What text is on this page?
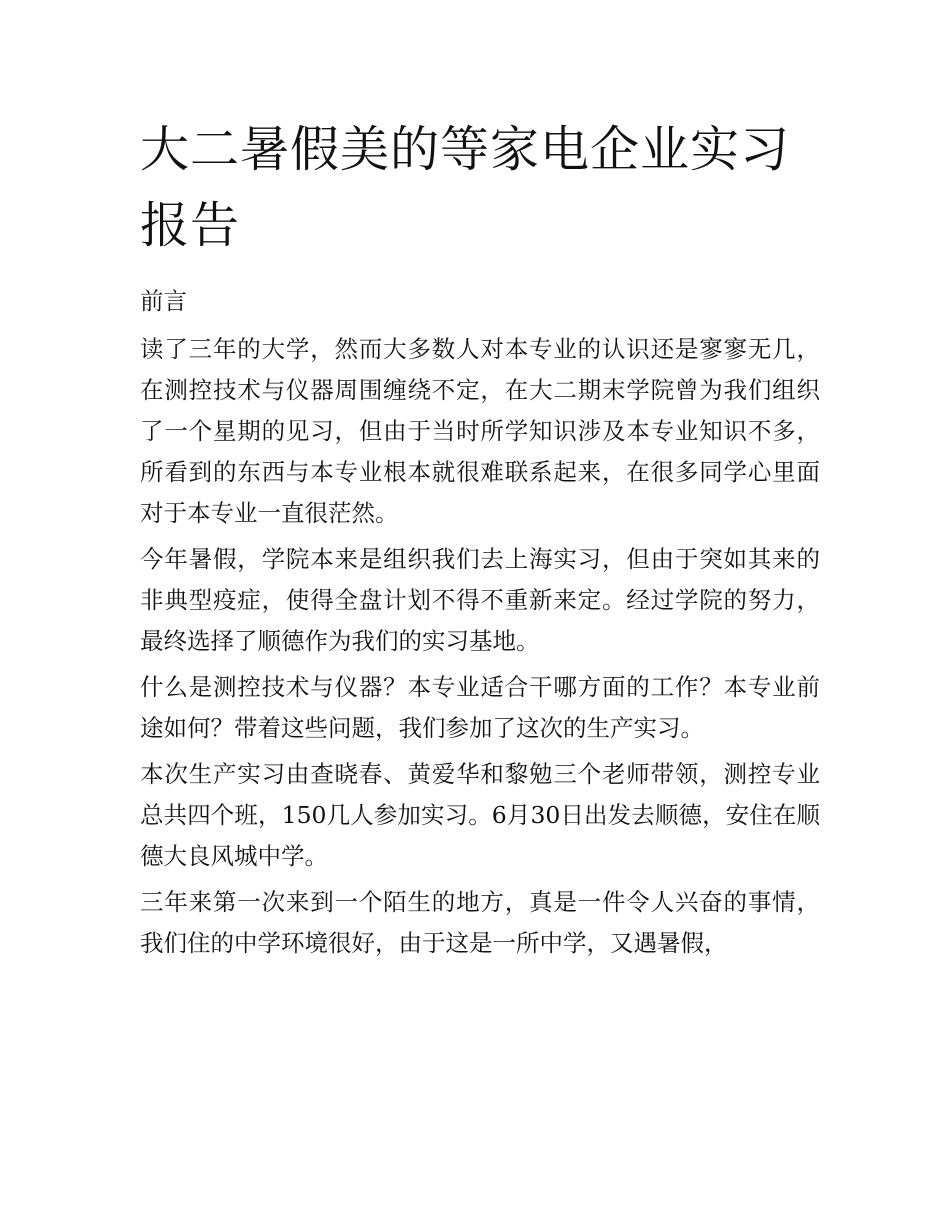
大二暑假美的等家电企业实习报告

前言

读了三年的大学，然而大多数人对本专业的认识还是寥寥无几，在测控技术与仪器周围缠绕不定，在大二期末学院曾为我们组织了一个星期的见习，但由于当时所学知识涉及本专业知识不多，所看到的东西与本专业根本就很难联系起来，在很多同学心里面对于本专业一直很茫然。

今年暑假，学院本来是组织我们去上海实习，但由于突如其来的非典型疫症，使得全盘计划不得不重新来定。经过学院的努力，最终选择了顺德作为我们的实习基地。

什么是测控技术与仪器？本专业适合干哪方面的工作？本专业前途如何？带着这些问题，我们参加了这次的生产实习。

本次生产实习由查晓春、黄爱华和黎勉三个老师带领，测控专业总共四个班，150几人参加实习。6月30日出发去顺德，安住在顺德大良风城中学。

三年来第一次来到一个陌生的地方，真是一件令人兴奋的事情，我们住的中学环境很好，由于这是一所中学，又遇暑假，
